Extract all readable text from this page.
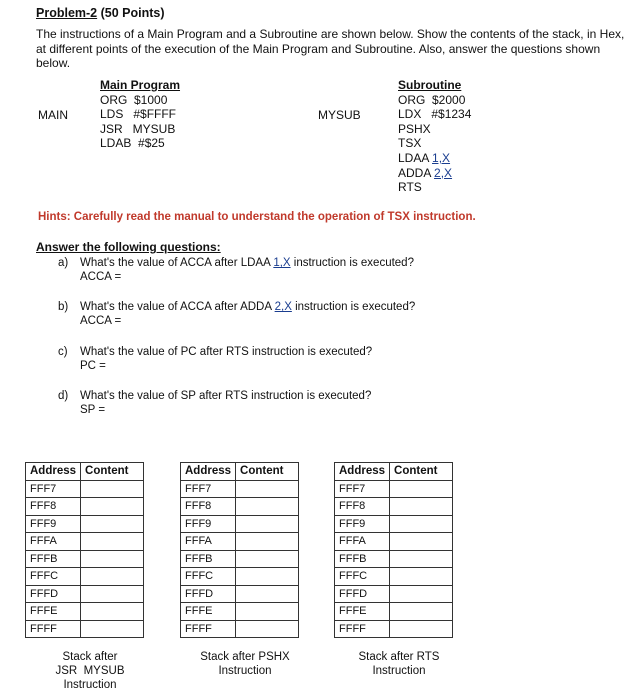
Problem-2 (50 Points)
The instructions of a Main Program and a Subroutine are shown below. Show the contents of the stack, in Hex, at different points of the execution of the Main Program and Subroutine. Also, answer the questions shown below.
MAIN
Main Program
ORG  $1000
LDS   #$FFFF
JSR   MYSUB
LDAB  #$25
MYSUB
Subroutine
ORG  $2000
LDX   #$1234
PSHX
TSX
LDAA 1,X
ADDA 2,X
RTS
Hints: Carefully read the manual to understand the operation of TSX instruction.
Answer the following questions:
a) What's the value of ACCA after LDAA 1,X instruction is executed?
ACCA =
b) What's the value of ACCA after ADDA 2,X instruction is executed?
ACCA =
c) What's the value of PC after RTS instruction is executed?
PC =
d) What's the value of SP after RTS instruction is executed?
SP =
Address	Content
FFF7	
FFF8	
FFF9	
FFFA	
FFFB	
FFFC	
FFFD	
FFFE	
FFFF	
Stack after
JSR  MYSUB
Instruction
Address	Content
FFF7	
FFF8	
FFF9	
FFFA	
FFFB	
FFFC	
FFFD	
FFFE	
FFFF	
Stack after PSHX
Instruction
Address	Content
FFF7	
FFF8	
FFF9	
FFFA	
FFFB	
FFFC	
FFFD	
FFFE	
FFFF	
Stack after RTS
Instruction
